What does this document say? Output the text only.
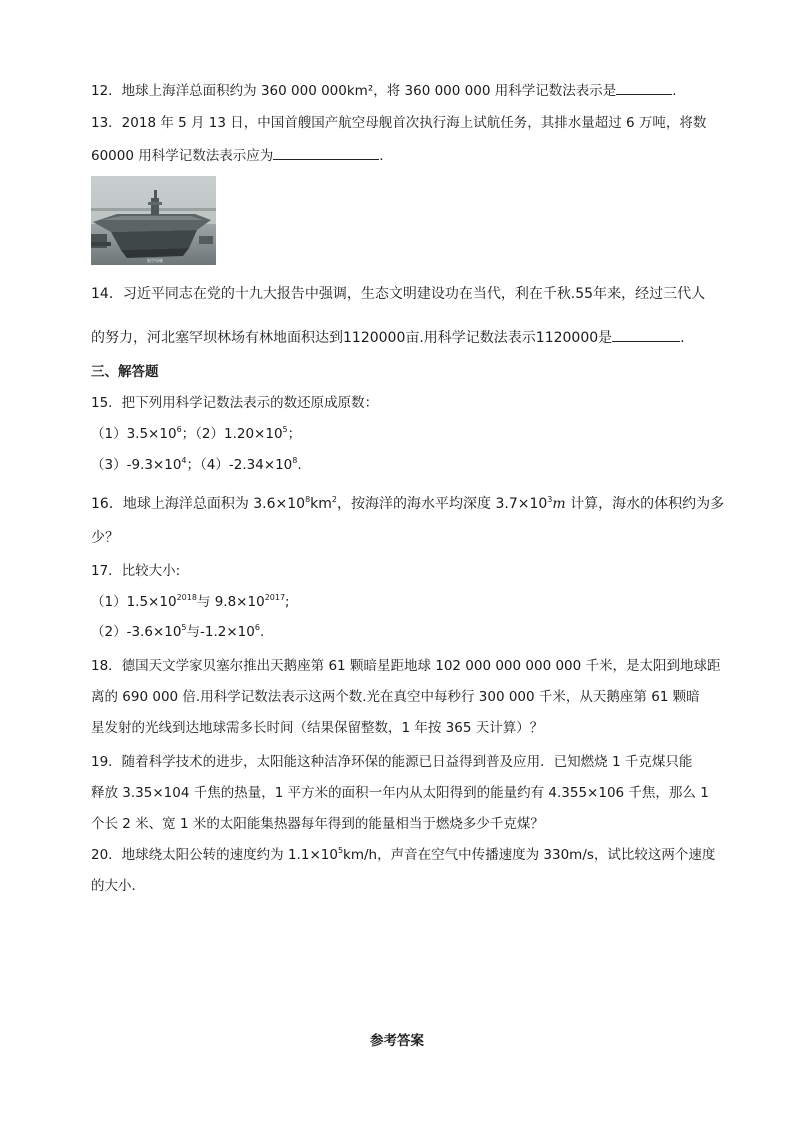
12．地球上海洋总面积约为 360 000 000km²，将 360 000 000 用科学记数法表示是	.
13．2018 年 5 月 13 日，中国首艘国产航空母舰首次执行海上试航任务，其排水量超过 6 万吨，将数
60000 用科学记数法表示应为	.
航空母舰
14．习近平同志在党的十九大报告中强调，生态文明建设功在当代，利在千秋.55年来，经过三代人
的努力，河北塞罕坝林场有林地面积达到1120000亩.用科学记数法表示1120000是	.
三、解答题
15．把下列用科学记数法表示的数还原成原数：
$(1)3.5\times 10^6$；$(2)1.20\times 10^5$；
$(3)-9.3\times 10^4$；$(4)-2.34\times 10^8$.
16．地球上海洋总面积为 $3.6\times 10^8km^2$，按海洋的海水平均深度 $3.7\times 10^3m$ 计算，海水的体积约为多
少？
17．比较大小:
$(1)1.5\times 10^{2018}$与 $9.8\times 10^{2017}$;
$(2)-3.6\times 10^5$与$-1.2\times 10^6$.
18．德国天文学家贝塞尔推出天鹅座第 61 颗暗星距地球 102 000 000 000 000 千米，是太阳到地球距
离的 690 000 倍.用科学记数法表示这两个数.光在真空中每秒行 300 000 千米，从天鹅座第 61 颗暗
星发射的光线到达地球需多长时间（结果保留整数，1 年按 365 天计算）？
19．随着科学技术的进步，太阳能这种洁净环保的能源已日益得到普及应用．已知燃烧 1 千克煤只能
释放 3.35×104 千焦的热量，1 平方米的面积一年内从太阳得到的能量约有 4.355×106 千焦，那么 1
个长 2 米、宽 1 米的太阳能集热器每年得到的能量相当于燃烧多少千克煤？
20．地球绕太阳公转的速度约为 $1.1\times 10^5km/h$，声音在空气中传播速度为 330m/s，试比较这两个速度
的大小．
参考答案
